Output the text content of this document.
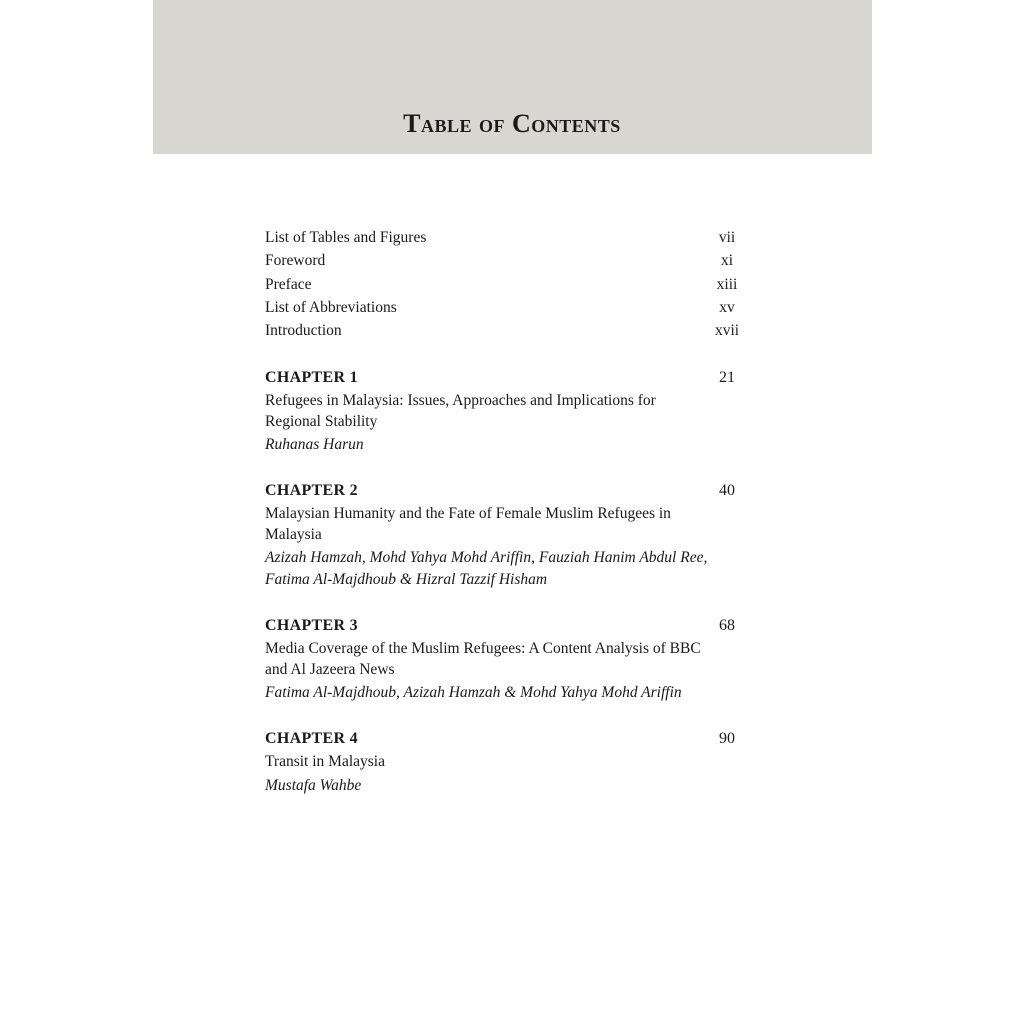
Table of Contents
List of Tables and Figures	vii
Foreword	xi
Preface	xiii
List of Abbreviations	xv
Introduction	xvii
CHAPTER 1	21
Refugees in Malaysia: Issues, Approaches and Implications for Regional Stability
Ruhanas Harun
CHAPTER 2	40
Malaysian Humanity and the Fate of Female Muslim Refugees in Malaysia
Azizah Hamzah, Mohd Yahya Mohd Ariffin, Fauziah Hanim Abdul Ree, Fatima Al-Majdhoub & Hizral Tazzif Hisham
CHAPTER 3	68
Media Coverage of the Muslim Refugees: A Content Analysis of BBC and Al Jazeera News
Fatima Al-Majdhoub, Azizah Hamzah & Mohd Yahya Mohd Ariffin
CHAPTER 4	90
Transit in Malaysia
Mustafa Wahbe
